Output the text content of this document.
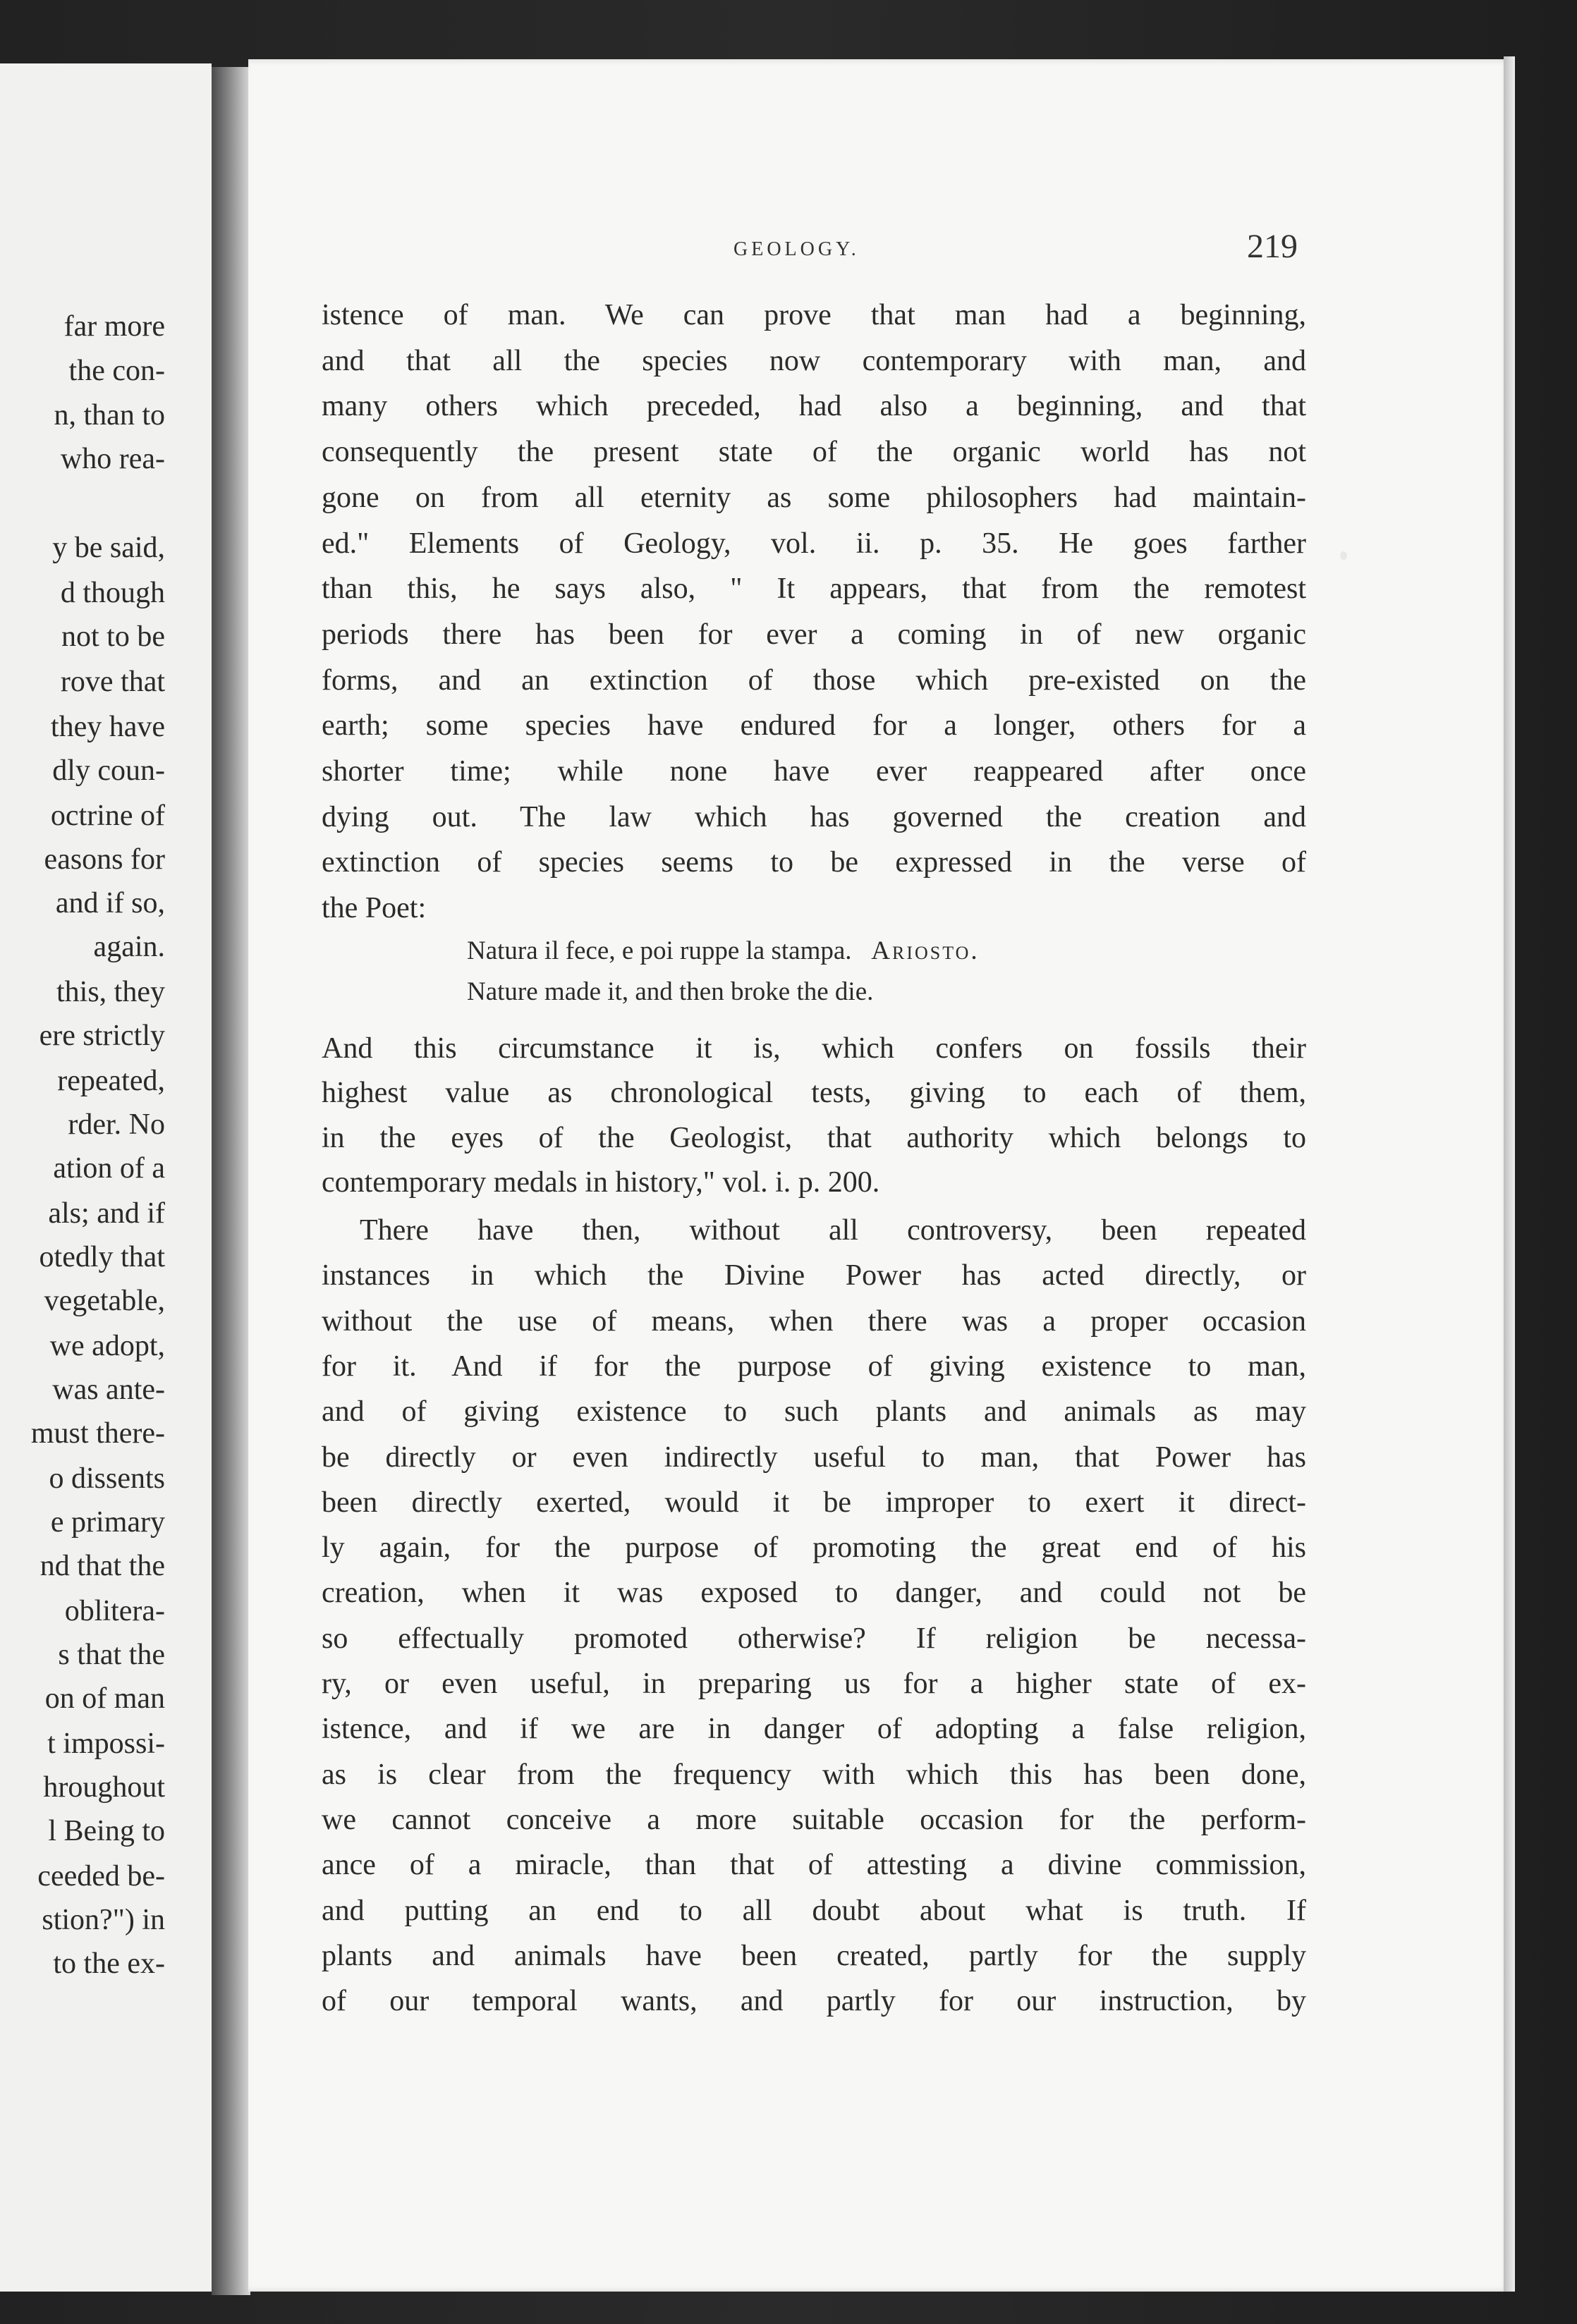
far more
the con-
n, than to
who rea-
y be said,
d though
not to be
rove that
they have
dly coun-
octrine of
easons for
and if so,
again.
this, they
ere strictly
repeated,
rder. No
ation of a
als; and if
otedly that
vegetable,
we adopt,
was ante-
must there-
o dissents
e primary
nd that the
obliterа-
s that the
on of man
t impossi-
hroughout
l Being to
ceeded be-
stion?") in
to the ex-
GEOLOGY.	219
istence of man. We can prove that man had a beginning,
and that all the species now contemporary with man, and
many others which preceded, had also a beginning, and that
consequently the present state of the organic world has not
gone on from all eternity as some philosophers had maintain-
ed." Elements of Geology, vol. ii. p. 35. He goes farther
than this, he says also, " It appears, that from the remotest
periods there has been for ever a coming in of new organic
forms, and an extinction of those which pre-existed on the
earth; some species have endured for a longer, others for a
shorter time; while none have ever reappeared after once
dying out. The law which has governed the creation and
extinction of species seems to be expressed in the verse of
the Poet:
Natura il fece, e poi ruppe la stampa. Ariosto.
Nature made it, and then broke the die.
And this circumstance it is, which confers on fossils their
highest value as chronological tests, giving to each of them,
in the eyes of the Geologist, that authority which belongs to
contemporary medals in history," vol. i. p. 200.
There have then, without all controversy, been repeated
instances in which the Divine Power has acted directly, or
without the use of means, when there was a proper occasion
for it. And if for the purpose of giving existence to man,
and of giving existence to such plants and animals as may
be directly or even indirectly useful to man, that Power has
been directly exerted, would it be improper to exert it direct-
ly again, for the purpose of promoting the great end of his
creation, when it was exposed to danger, and could not be
so effectually promoted otherwise? If religion be necessa-
ry, or even useful, in preparing us for a higher state of ex-
istence, and if we are in danger of adopting a false religion,
as is clear from the frequency with which this has been done,
we cannot conceive a more suitable occasion for the perform-
ance of a miracle, than that of attesting a divine commission,
and putting an end to all doubt about what is truth. If
plants and animals have been created, partly for the supply
of our temporal wants, and partly for our instruction, by
